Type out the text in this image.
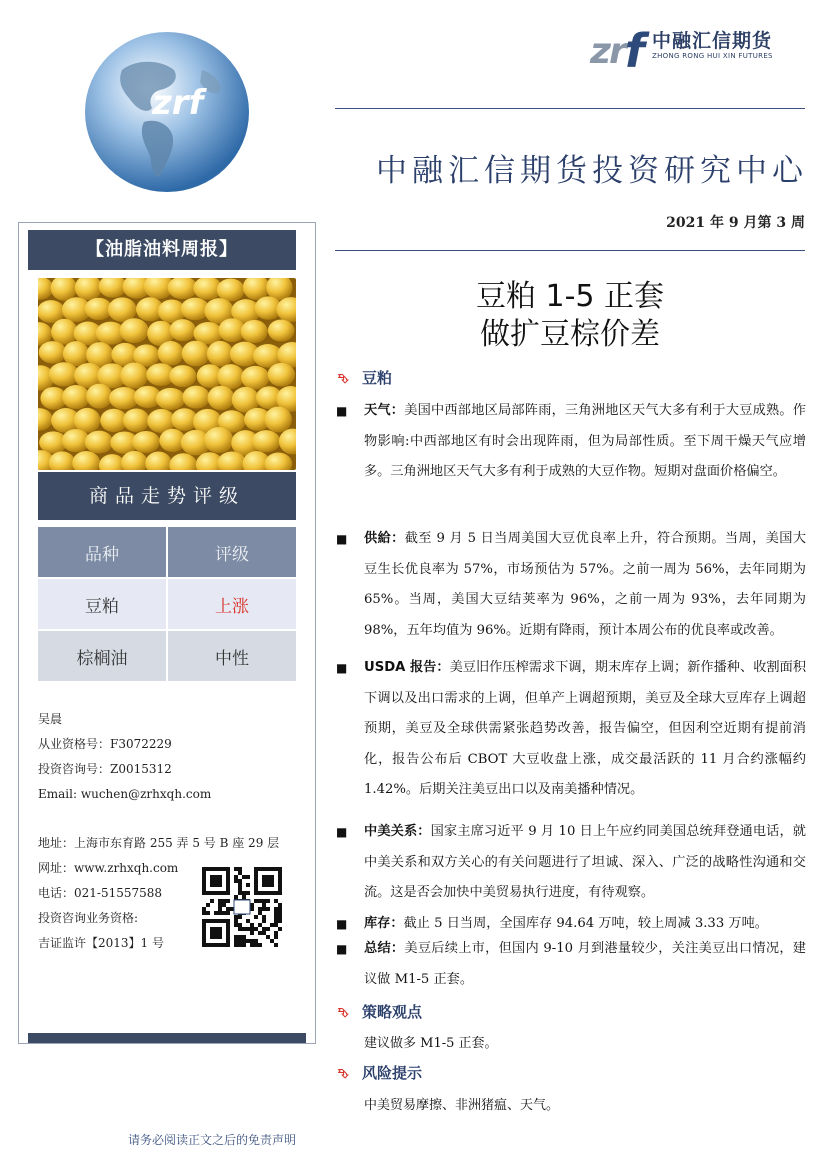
zrf
zrf 中融汇信期货
ZHONG RONG HUI XIN FUTURES
中融汇信期货投资研究中心
2021 年 9 月第 3 周
【油脂油料周报】
商品走势评级
品种	评级
豆粕	上涨
棕榈油	中性
吴晨
从业资格号：F3072229
投资咨询号：Z0015312
Email: wuchen@zrhxqh.com
地址：上海市东育路 255 弄 5 号 B 座 29 层
网址：www.zrhxqh.com
电话：021-51557588
投资咨询业务资格:
吉证监许【2013】1 号
请务必阅读正文之后的免责声明
豆粕 1-5 正套
做扩豆棕价差
⮷ 豆粕
■ 天气：美国中西部地区局部阵雨，三角洲地区天气大多有利于大豆成熟。作物影响:中西部地区有时会出现阵雨，但为局部性质。至下周干燥天气应增多。三角洲地区天气大多有利于成熟的大豆作物。短期对盘面价格偏空。
■ 供給：截至 9 月 5 日当周美国大豆优良率上升，符合预期。当周，美国大豆生长优良率为 57%，市场预估为 57%。之前一周为 56%，去年同期为 65%。当周，美国大豆结荚率为 96%，之前一周为 93%，去年同期为 98%，五年均值为 96%。近期有降雨，预计本周公布的优良率或改善。
■ USDA 报告：美豆旧作压榨需求下调，期末库存上调；新作播种、收割面积下调以及出口需求的上调，但单产上调超预期，美豆及全球大豆库存上调超预期，美豆及全球供需紧张趋势改善，报告偏空，但因利空近期有提前消化，报告公布后 CBOT 大豆收盘上涨，成交最活跃的 11 月合约涨幅约 1.42%。后期关注美豆出口以及南美播种情况。
■ 中美关系：国家主席习近平 9 月 10 日上午应约同美国总统拜登通电话，就中美关系和双方关心的有关问题进行了坦诚、深入、广泛的战略性沟通和交流。这是否会加快中美贸易执行进度，有待观察。
■ 库存：截止 5 日当周，全国库存 94.64 万吨，较上周减 3.33 万吨。
■ 总结：美豆后续上市，但国内 9-10 月到港量较少，关注美豆出口情况，建议做 M1-5 正套。
⮷ 策略观点
建议做多 M1-5 正套。
⮷ 风险提示
中美贸易摩擦、非洲猪瘟、天气。
